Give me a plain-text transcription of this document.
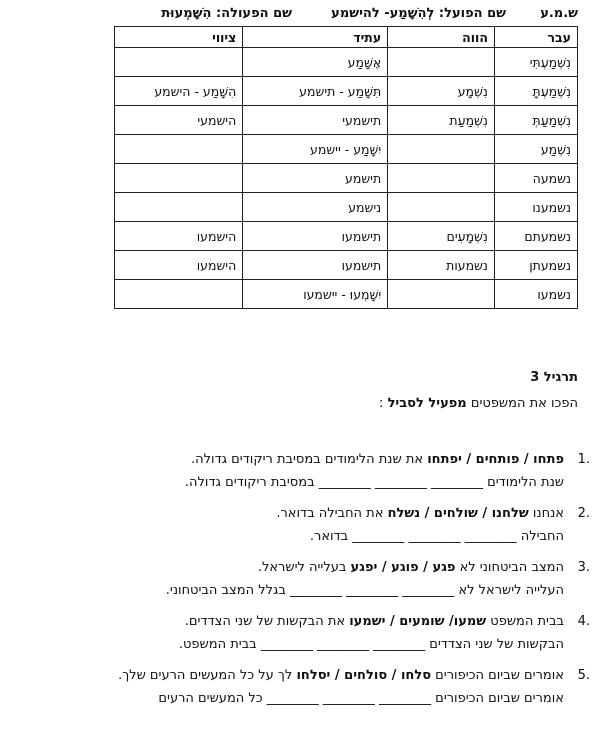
ש.מ.ע
שם הפועל: לְהִשָּׁמַע- להישמע
שם הפעולה: הִשָּׁמְעוּת
עבר	הווה	עתיד	ציווי
נִשְׁמַעְתִּי		אֶשָּׁמַע	
נִשְׁמַעְתָּ	נִשְׁמָע	תִּשָּׁמַע - תישמע	הִשָּׁמַע - הישמע
נִשְׁמַעַתְּ	נִשְׁמַעַת	תישמעי	הישמעי
נִשְׁמַע		יִשָּׁמַע - יישמע	
נשמעה		תישמע	
נשמענו		נישמע	
נשמעתם	נִשְׁמָעִים	תישמעו	הישמעו
נשמעתן	נשמעות	תישמעו	הישמעו
נשמעו		יִשָּׁמְעוּ - יישמעו	
תרגיל 3
הפכו את המשפטים מפעיל לסביל :
.1פתחו / פותחים / יפתחו את שנת הלימודים במסיבת ריקודים גדולה.
שנת הלימודים ________ ________ ________ במסיבת ריקודים גדולה.
.2אנחנו שלחנו / שולחים / נשלח את החבילה בדואר.
החבילה ________ ________ ________ בדואר.
.3המצב הביטחוני לא פגע / פוגע / יפגע בעלייה לישראל.
העלייה לישראל לא ________ ________ ________ בגלל המצב הביטחוני.
.4בבית המשפט שמעו/ שומעים / ישמעו את הבקשות של שני הצדדים.
הבקשות של שני הצדדים ________ ________ ________ בבית המשפט.
.5אומרים שביום הכיפורים סלחו / סולחים / יסלחו לך על כל המעשים הרעים שלך.
אומרים שביום הכיפורים ________ ________ ________ כל המעשים הרעים
